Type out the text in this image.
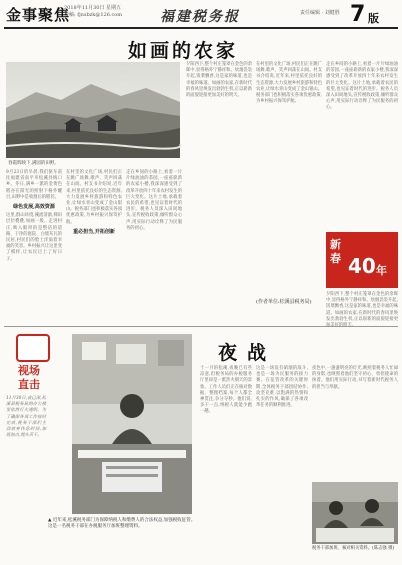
金事聚焦
2018年11月30日 星期五
投稿: fjnsbzk@126.com	福建税务报	责任编辑 · 刘健胜 7 版
如画的农家
春霞辉映下,满园的田野。
9月23日的早晨,我们驱车前往福建省南平市松溪县梅口乡。冬日,满乡一派的金黄色稻谷在阳光的照射下格外醒目,田野中是收割后的稻茬。
绿色发展,高效资源
这里,群山环绕,溪流清澈,梯田层层叠叠,如画一般。走进村庄,映入眼帘的是整洁的道路、干净的庭院、白墙灰瓦的民居,村民们的脸上洋溢着幸福的笑容。乡村振兴让这里变了模样,让农民过上了好日子。
在村里的文化广场,村民们正在跳广场舞,歌声、笑声回荡在山间。村支书介绍说,近年来,村里依托良好的生态资源,大力发展乡村旅游和特色农业,让绿水青山变成了金山银山。税务部门也积极落实各项优惠政策,为乡村振兴保驾护航。
重必担当,开拓创新
走在乡间的小路上,看着一片片绿油油的茶园,一座座崭新的农家小楼,我深深感受到了改革开放四十年来农村发生的巨大变化。这片土地,承载着农民的希望,也见证着时代的进步。税务人员深入田间地头,宣传税收政策,倾听群众心声,用实际行动诠释了为民服务的初心。
夕阳西下,整个村庄笼罩在金色的余晖中,显得格外宁静祥和。炊烟袅袅升起,饭菜飘香,这是家的味道,也是幸福的味道。如画的农家,在新时代的春风里焕发出勃勃生机,正以崭新的面貌迎接更加美好的明天。
在村里的文化广场,村民们正在跳广场舞,歌声、笑声回荡在山间。村支书介绍说,近年来,村里依托良好的生态资源,大力发展乡村旅游和特色农业,让绿水青山变成了金山银山。税务部门也积极落实各项优惠政策,为乡村振兴保驾护航。
走在乡间的小路上,看着一片片绿油油的茶园,一座座崭新的农家小楼,我深深感受到了改革开放四十年来农村发生的巨大变化。这片土地,承载着农民的希望,也见证着时代的进步。税务人员深入田间地头,宣传税收政策,倾听群众心声,用实际行动诠释了为民服务的初心。
新
春 40 年
夕阳西下,整个村庄笼罩在金色的余晖中,显得格外宁静祥和。炊烟袅袅升起,饭菜飘香,这是家的味道,也是幸福的味道。如画的农家,在新时代的春风里焕发出勃勃生机,正以崭新的面貌迎接更
(作者单位:松溪县税务局)
视场
直击
11月30日,夜已深,松溪县税务局的办公楼里依然灯火通明。为了确保各项工作按时完成,税务干部们主动放弃休息时间,加班加点,埋头苦干。
▲ 近年来,松溪税务部门为保障纳税人和缴费人的合法权益,加强税收征管。这是一名税务干部在办税服务厅加班整理资料。
夜战
十一月的松溪,夜晚已有些凉意,但税务局的办税服务厅里却是一派热火朝天的景象。工作人员们正在核对数据、整理档案,每个人都全神贯注,争分夺秒。他们说,多干一点,纳税人就能少跑一趟。
这是一场没有硝烟的战斗,也是一场为民服务的接力赛。在征管改革的关键时期,全体税务干部团结协作,攻坚克难,以饱满的热情和扎实的作风,确保了各项改革任务的顺利推进。
夜色中,一盏盏明亮的灯光,映照着税务人忙碌的身影,也映照着他们坚守初心、勇担使命的执着。他们用实际行动,书写着新时代税务人的担当与奉献。
税务干部加班、核对相关资料。(陈志强 摄)
